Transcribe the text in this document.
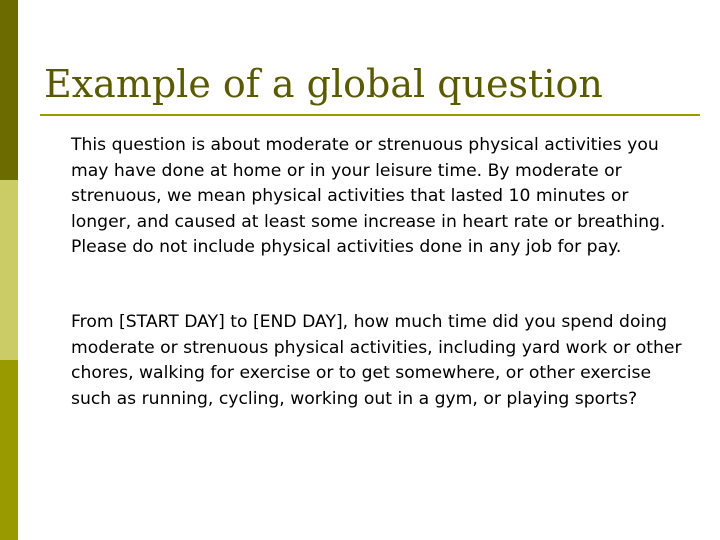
Example of a global question

This question is about moderate or strenuous physical activities you may have done at home or in your leisure time. By moderate or strenuous, we mean physical activities that lasted 10 minutes or longer, and caused at least some increase in heart rate or breathing. Please do not include physical activities done in any job for pay.

From [START DAY] to [END DAY], how much time did you spend doing moderate or strenuous physical activities, including yard work or other chores, walking for exercise or to get somewhere, or other exercise such as running, cycling, working out in a gym, or playing sports?
